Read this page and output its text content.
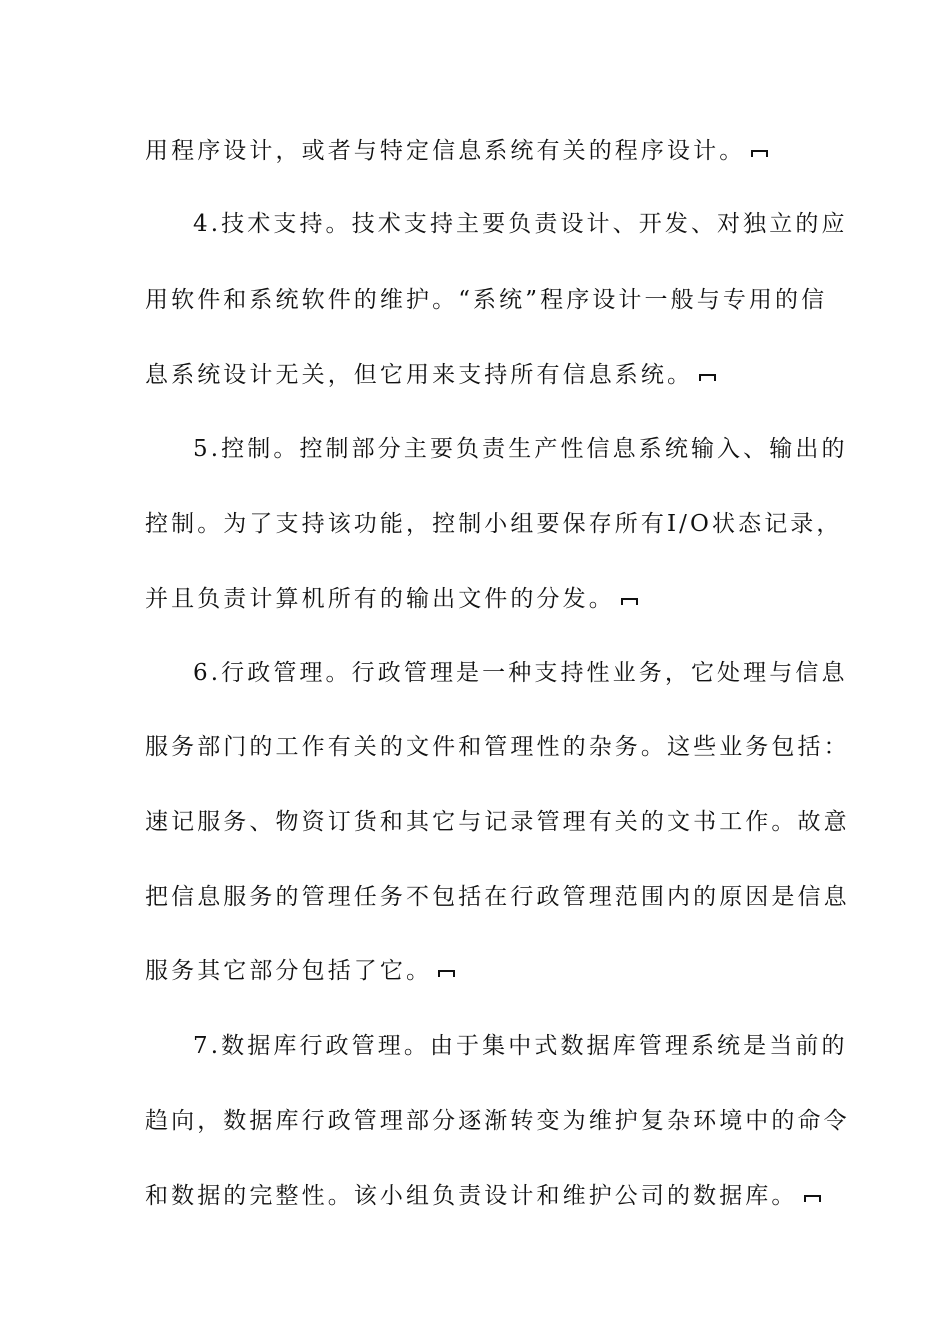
用程序设计，或者与特定信息系统有关的程序设计。
4.技术支持。技术支持主要负责设计、开发、对独立的应
用软件和系统软件的维护。“系统”程序设计一般与专用的信
息系统设计无关，但它用来支持所有信息系统。
5.控制。控制部分主要负责生产性信息系统输入、输出的
控制。为了支持该功能，控制小组要保存所有I/O状态记录，
并且负责计算机所有的输出文件的分发。
6.行政管理。行政管理是一种支持性业务，它处理与信息
服务部门的工作有关的文件和管理性的杂务。这些业务包括：
速记服务、物资订货和其它与记录管理有关的文书工作。故意
把信息服务的管理任务不包括在行政管理范围内的原因是信息
服务其它部分包括了它。
7.数据库行政管理。由于集中式数据库管理系统是当前的
趋向，数据库行政管理部分逐渐转变为维护复杂环境中的命令
和数据的完整性。该小组负责设计和维护公司的数据库。
